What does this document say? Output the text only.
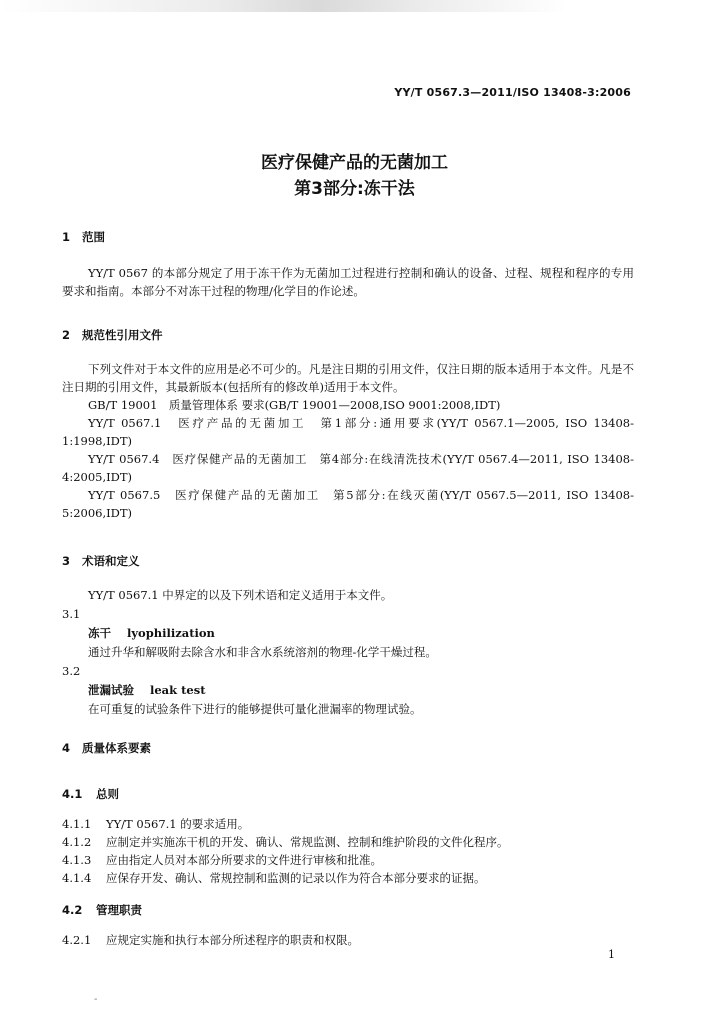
YY/T 0567.3—2011/ISO 13408-3:2006
医疗保健产品的无菌加工
第3部分:冻干法
1 范围
YY/T 0567 的本部分规定了用于冻干作为无菌加工过程进行控制和确认的设备、过程、规程和程序的专用要求和指南。本部分不对冻干过程的物理/化学目的作论述。
2 规范性引用文件
下列文件对于本文件的应用是必不可少的。凡是注日期的引用文件，仅注日期的版本适用于本文件。凡是不注日期的引用文件，其最新版本(包括所有的修改单)适用于本文件。
GB/T 19001　质量管理体系 要求(GB/T 19001—2008,ISO 9001:2008,IDT)
YY/T 0567.1　医疗产品的无菌加工　第1部分:通用要求(YY/T 0567.1—2005, ISO 13408-1:1998,IDT)
YY/T 0567.4　医疗保健产品的无菌加工　第4部分:在线清洗技术(YY/T 0567.4—2011, ISO 13408-4:2005,IDT)
YY/T 0567.5　医疗保健产品的无菌加工　第5部分:在线灭菌(YY/T 0567.5—2011, ISO 13408-5:2006,IDT)
3 术语和定义
YY/T 0567.1 中界定的以及下列术语和定义适用于本文件。
3.1
冻干 lyophilization
通过升华和解吸附去除含水和非含水系统溶剂的物理-化学干燥过程。
3.2
泄漏试验 leak test
在可重复的试验条件下进行的能够提供可量化泄漏率的物理试验。
4 质量体系要素
4.1 总则
4.1.1 YY/T 0567.1 的要求适用。
4.1.2 应制定并实施冻干机的开发、确认、常规监测、控制和维护阶段的文件化程序。
4.1.3 应由指定人员对本部分所要求的文件进行审核和批准。
4.1.4 应保存开发、确认、常规控制和监测的记录以作为符合本部分要求的证据。
4.2 管理职责
4.2.1 应规定实施和执行本部分所述程序的职责和权限。
1
‑
